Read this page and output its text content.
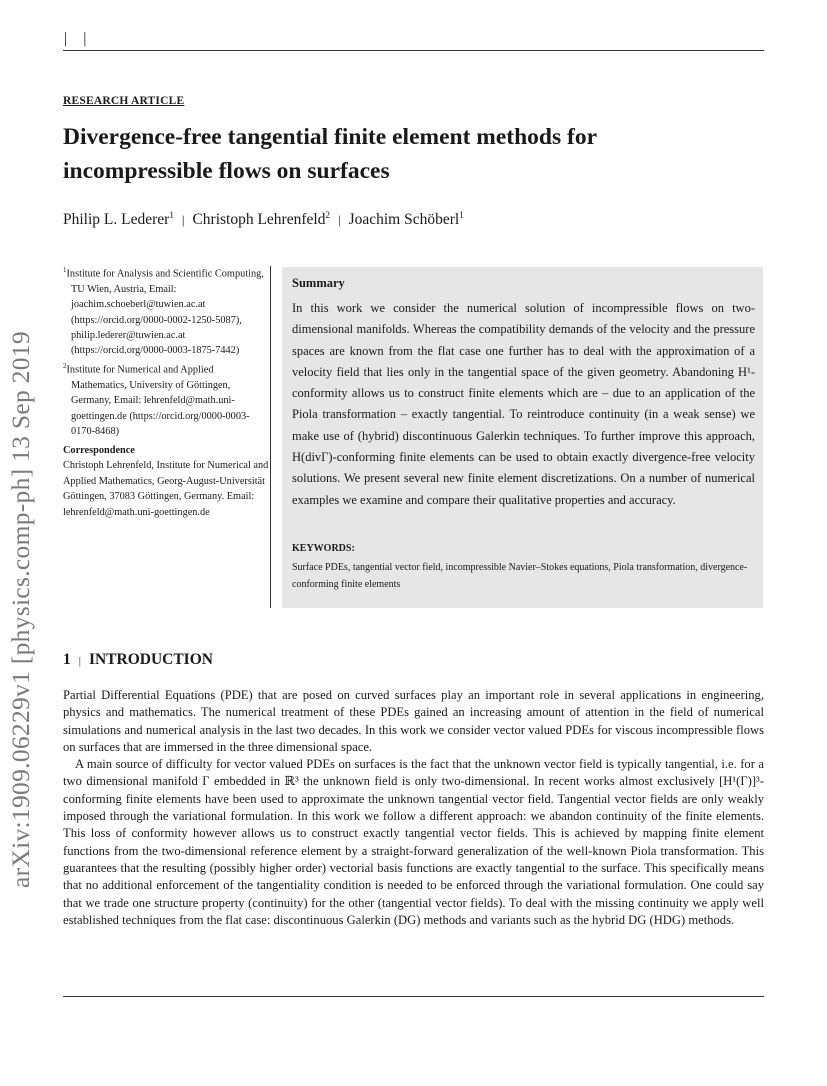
| |
RESEARCH ARTICLE
Divergence-free tangential finite element methods for incompressible flows on surfaces
Philip L. Lederer$^1$ | Christoph Lehrenfeld$^2$ | Joachim Schöberl$^1$
arXiv:1909.06229v1 [physics.comp-ph] 13 Sep 2019

$^1$Institute for Analysis and Scientific Computing, TU Wien, Austria, Email: joachim.schoeberl@tuwien.ac.at (https://orcid.org/0000-0002-1250-5087), philip.lederer@tuwien.ac.at (https://orcid.org/0000-0003-1875-7442)

$^2$Institute for Numerical and Applied Mathematics, University of Göttingen, Germany, Email: lehrenfeld@math.uni-goettingen.de (https://orcid.org/0000-0003-0170-8468)

Correspondence
Christoph Lehrenfeld, Institute for Numerical and Applied Mathematics, Georg-August-Universität Göttingen, 37083 Göttingen, Germany. Email: lehrenfeld@math.uni-goettingen.de
Summary
In this work we consider the numerical solution of incompressible flows on two-dimensional manifolds. Whereas the compatibility demands of the velocity and the pressure spaces are known from the flat case one further has to deal with the approximation of a velocity field that lies only in the tangential space of the given geometry. Abandoning H¹-conformity allows us to construct finite elements which are – due to an application of the Piola transformation – exactly tangential. To reintroduce continuity (in a weak sense) we make use of (hybrid) discontinuous Galerkin techniques. To further improve this approach, H(divΓ)-conforming finite elements can be used to obtain exactly divergence-free velocity solutions. We present several new finite element discretizations. On a number of numerical examples we examine and compare their qualitative properties and accuracy.
KEYWORDS:
Surface PDEs, tangential vector field, incompressible Navier–Stokes equations, Piola transformation, divergence-conforming finite elements
1 | INTRODUCTION

Partial Differential Equations (PDE) that are posed on curved surfaces play an important role in several applications in engineering, physics and mathematics. The numerical treatment of these PDEs gained an increasing amount of attention in the field of numerical simulations and numerical analysis in the last two decades. In this work we consider vector valued PDEs for viscous incompressible flows on surfaces that are immersed in the three dimensional space.

A main source of difficulty for vector valued PDEs on surfaces is the fact that the unknown vector field is typically tangential, i.e. for a two dimensional manifold Γ embedded in ℝ³ the unknown field is only two-dimensional. In recent works almost exclusively [H¹(Γ)]³-conforming finite elements have been used to approximate the unknown tangential vector field. Tangential vector fields are only weakly imposed through the variational formulation. In this work we follow a different approach: we abandon continuity of the finite elements. This loss of conformity however allows us to construct exactly tangential vector fields. This is achieved by mapping finite element functions from the two-dimensional reference element by a straight-forward generalization of the well-known Piola transformation. This guarantees that the resulting (possibly higher order) vectorial basis functions are exactly tangential to the surface. This specifically means that no additional enforcement of the tangentiality condition is needed to be enforced through the variational formulation. One could say that we trade one structure property (continuity) for the other (tangential vector fields). To deal with the missing continuity we apply well established techniques from the flat case: discontinuous Galerkin (DG) methods and variants such as the hybrid DG (HDG) methods.
